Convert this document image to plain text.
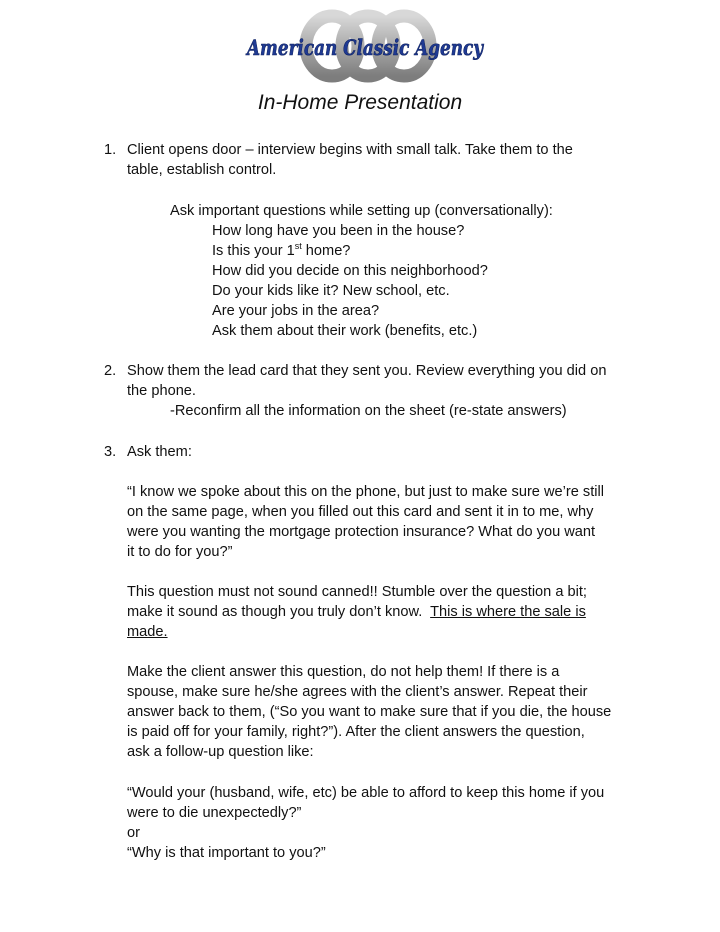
American Classic Agency
In-Home Presentation
1. Client opens door – interview begins with small talk. Take them to the
table, establish control.
Ask important questions while setting up (conversationally):
How long have you been in the house?
Is this your 1st home?
How did you decide on this neighborhood?
Do your kids like it? New school, etc.
Are your jobs in the area?
Ask them about their work (benefits, etc.)
2. Show them the lead card that they sent you. Review everything you did on
the phone.
-Reconfirm all the information on the sheet (re-state answers)
3. Ask them:
“I know we spoke about this on the phone, but just to make sure we’re still
on the same page, when you filled out this card and sent it in to me, why
were you wanting the mortgage protection insurance? What do you want
it to do for you?”
This question must not sound canned!! Stumble over the question a bit;
make it sound as though you truly don’t know.  This is where the sale is
made.
Make the client answer this question, do not help them! If there is a
spouse, make sure he/she agrees with the client’s answer. Repeat their
answer back to them, (“So you want to make sure that if you die, the house
is paid off for your family, right?”). After the client answers the question,
ask a follow-up question like:
“Would your (husband, wife, etc) be able to afford to keep this home if you
were to die unexpectedly?”
or
“Why is that important to you?”
